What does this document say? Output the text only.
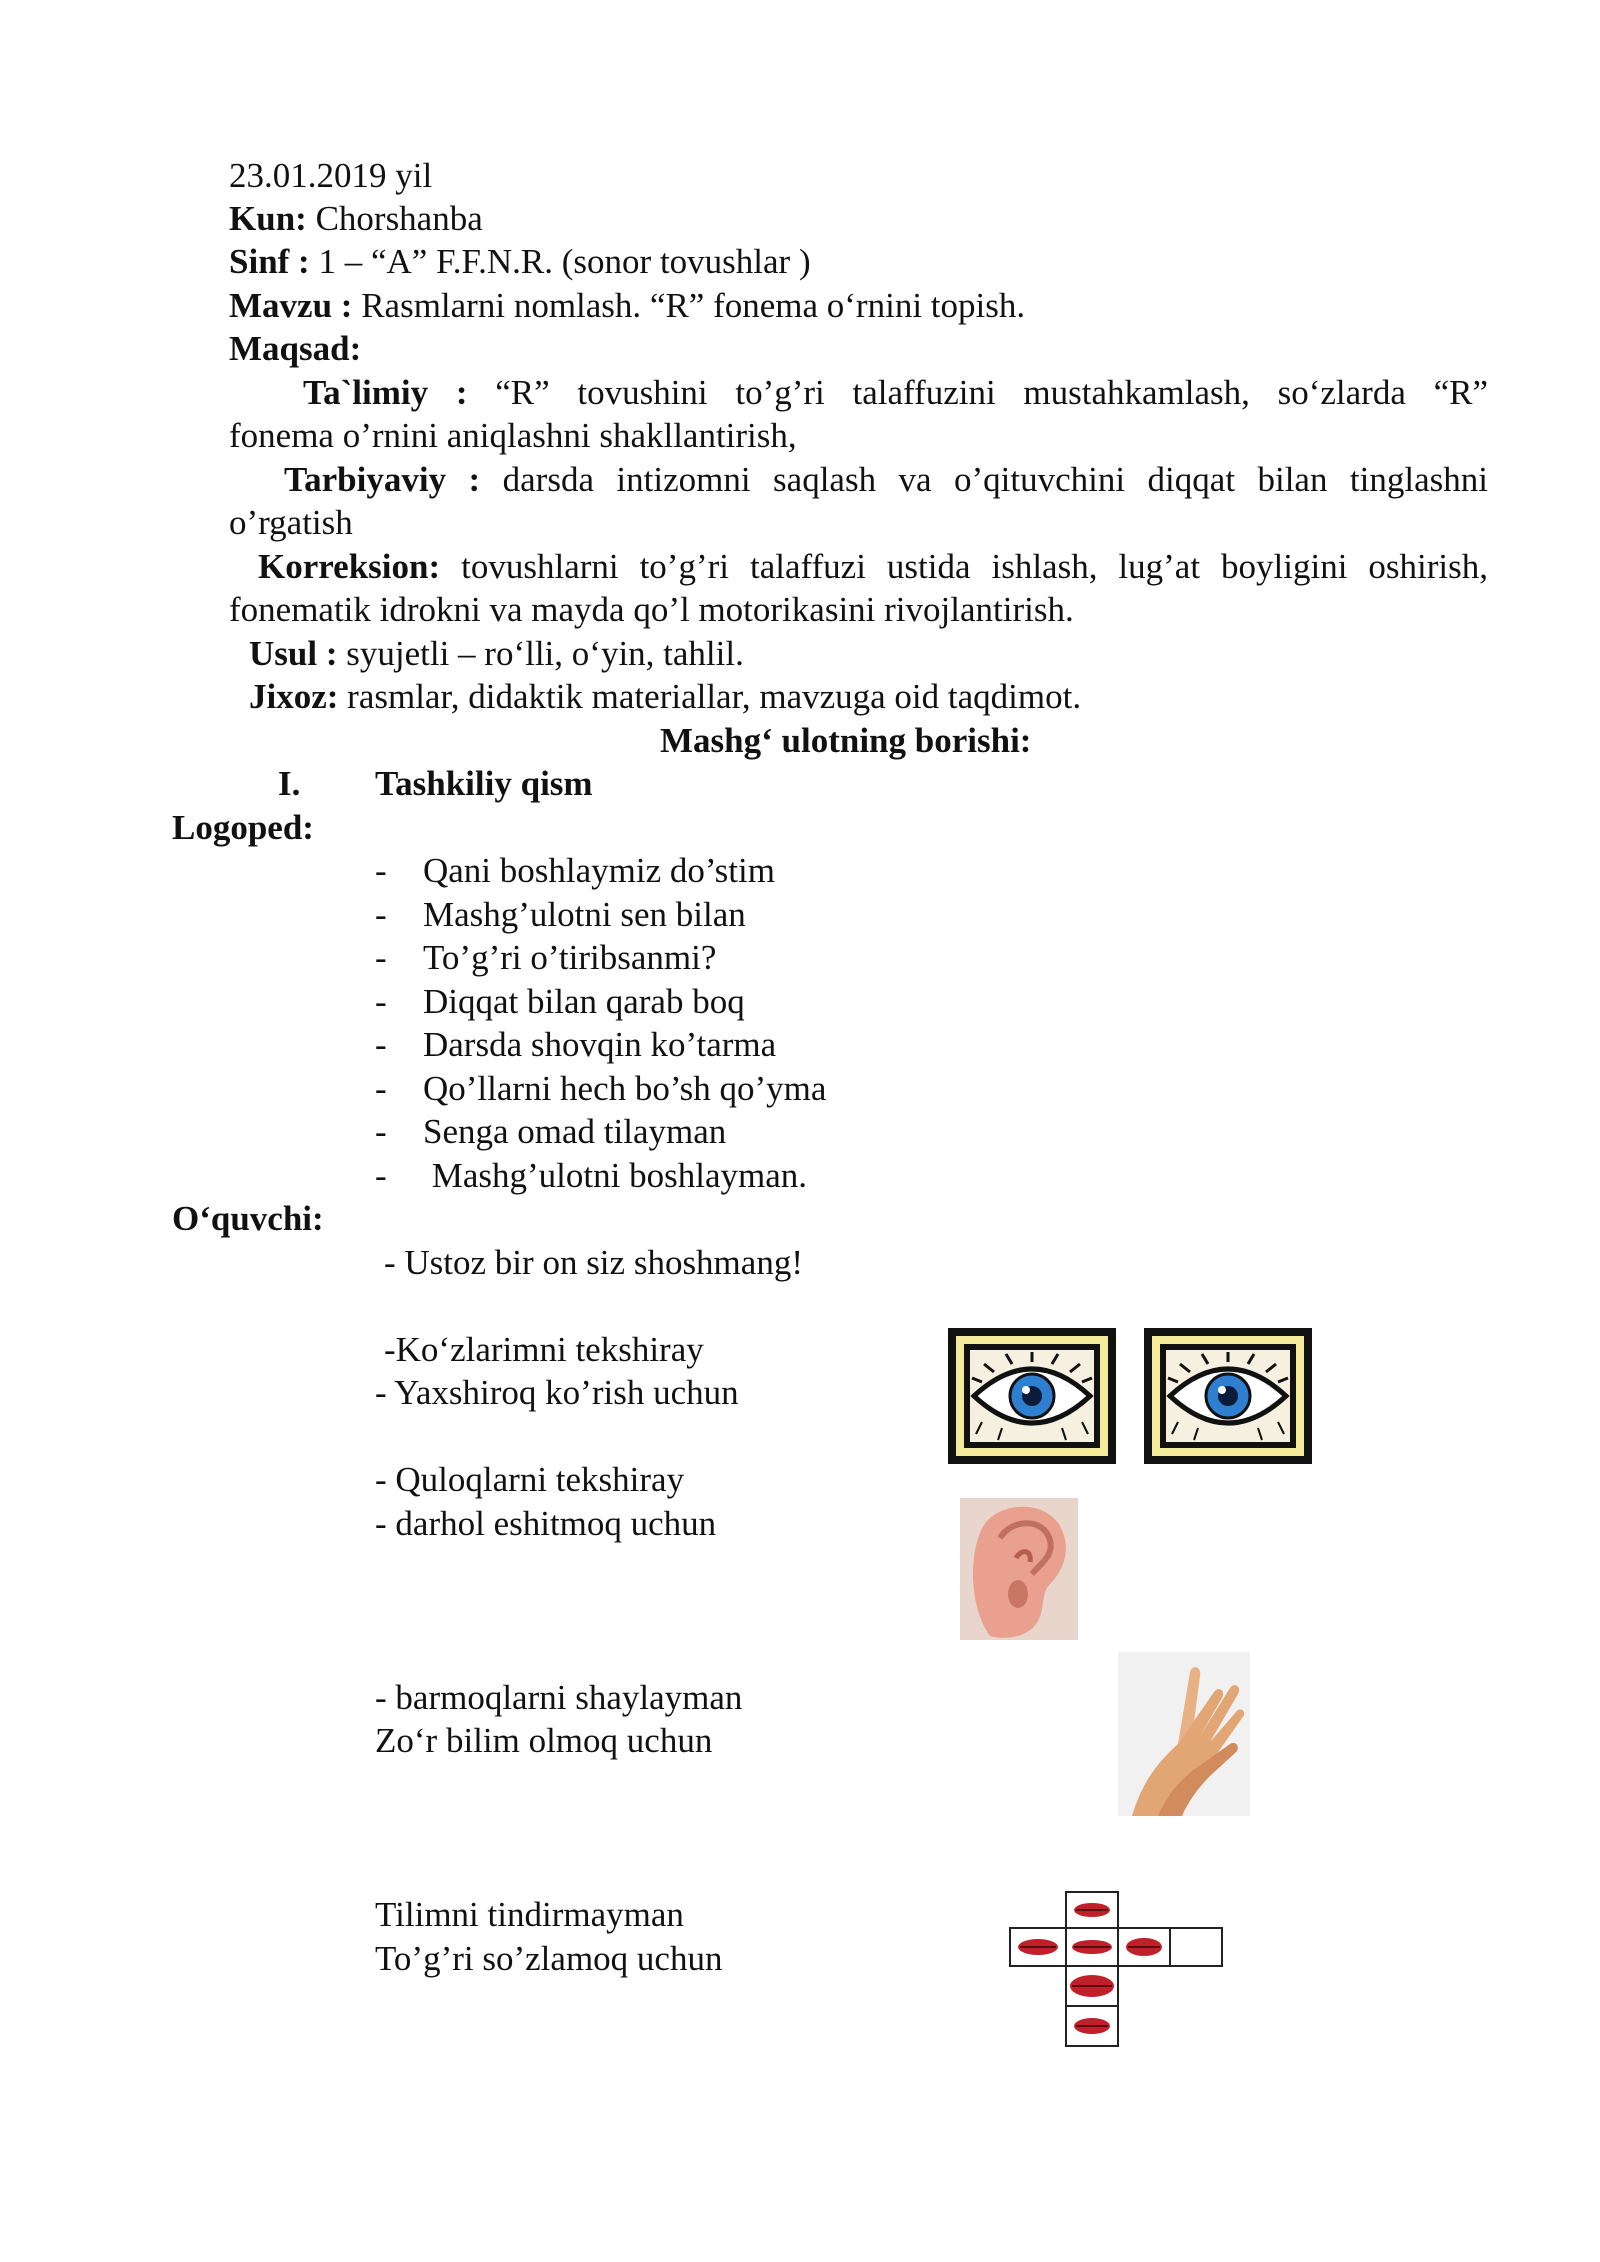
23.01.2019 yil
Kun: Chorshanba
Sinf : 1 – “A” F.F.N.R. (sonor tovushlar )
Mavzu : Rasmlarni nomlash. “R” fonema o‘rnini topish.
Maqsad:
Ta`limiy : “R” tovushini to’g’ri talaffuzini mustahkamlash, so‘zlarda “R”
fonema o’rnini aniqlashni shakllantirish,
Tarbiyaviy : darsda intizomni saqlash va o’qituvchini diqqat bilan tinglashni
o’rgatish
Korreksion: tovushlarni to’g’ri talaffuzi ustida ishlash, lug’at boyligini oshirish,
fonematik idrokni va mayda qo’l motorikasini rivojlantirish.
Usul : syujetli – ro‘lli, o‘yin, tahlil.
Jixoz: rasmlar, didaktik materiallar, mavzuga oid taqdimot.
Mashg‘ ulotning borishi:
I. Tashkiliy qism
Logoped:
- Qani boshlaymiz do’stim
- Mashg’ulotni sen bilan
- To’g’ri o’tiribsanmi?
- Diqqat bilan qarab boq
- Darsda shovqin ko’tarma
- Qo’llarni hech bo’sh qo’yma
- Senga omad tilayman
- Mashg’ulotni boshlayman.
O‘quvchi:
- Ustoz bir on siz shoshmang!
-Ko‘zlarimni tekshiray
- Yaxshiroq ko’rish uchun
- Quloqlarni tekshiray
- darhol eshitmoq uchun
- barmoqlarni shaylayman
Zo‘r bilim olmoq uchun
Tilimni tindirmayman
To’g’ri so’zlamoq uchun
